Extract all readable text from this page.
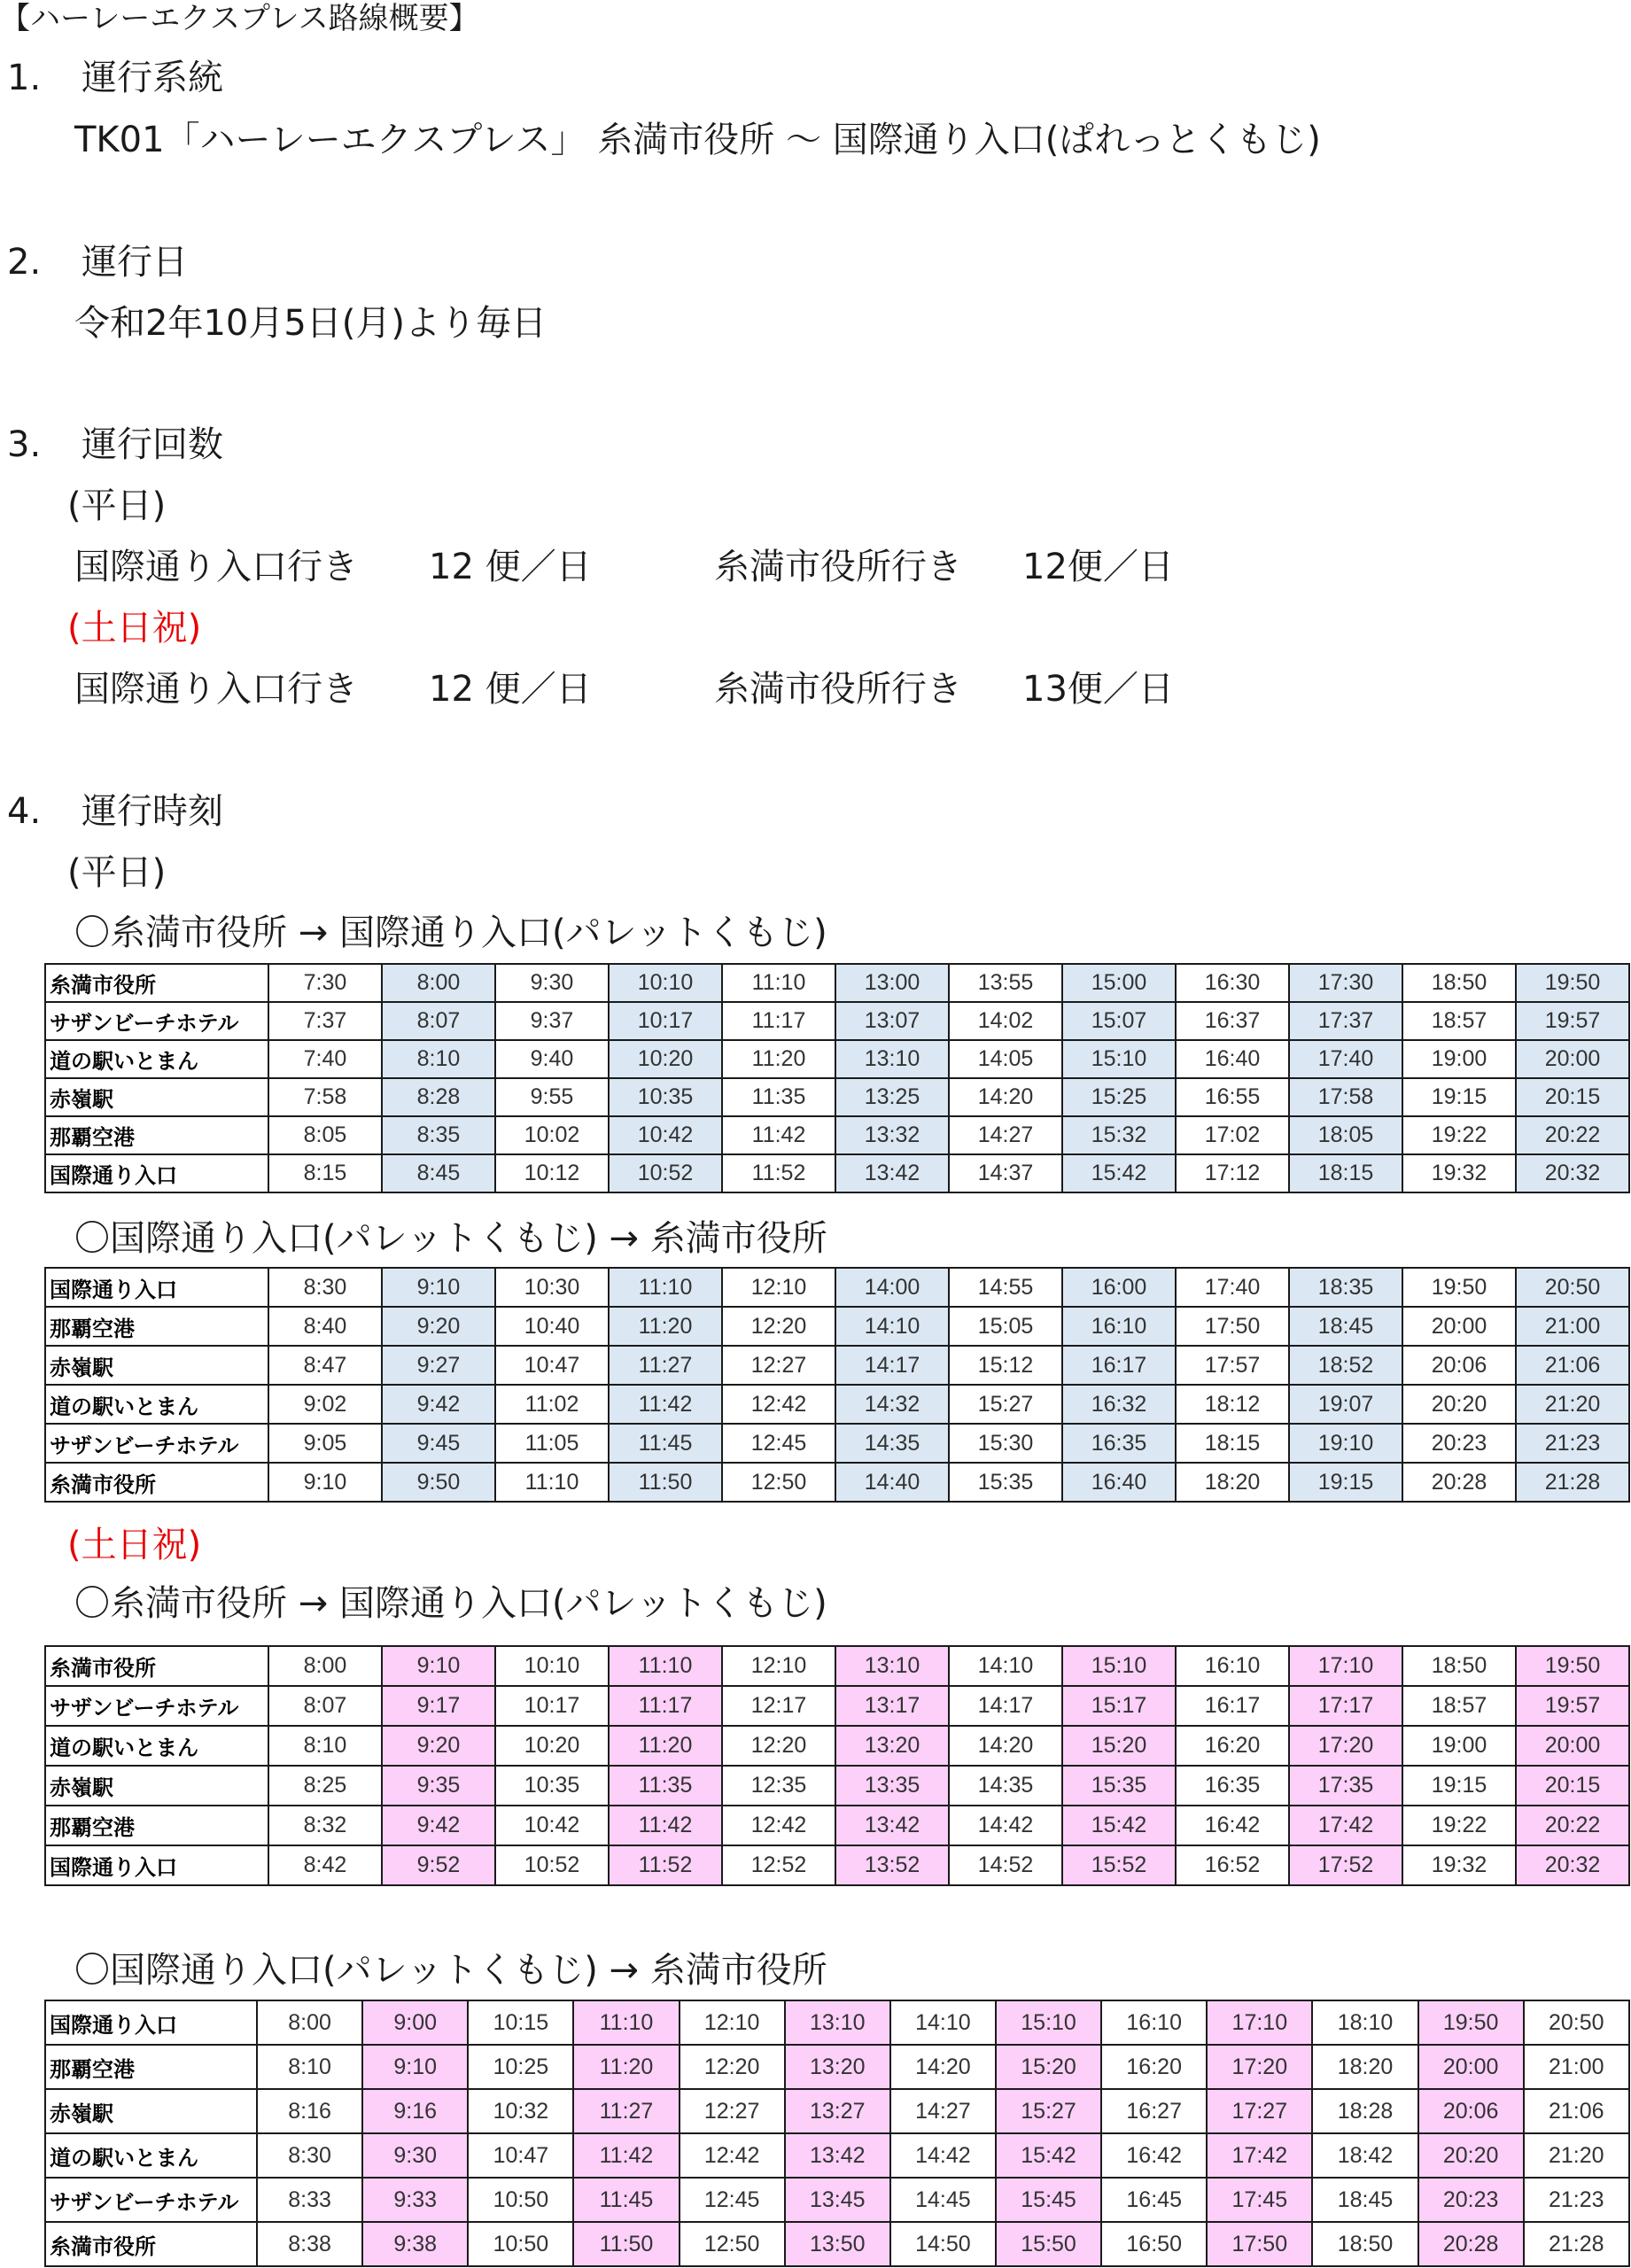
【ハーレーエクスプレス路線概要】

1. 運行系統

TK01「ハーレーエクスプレス」 糸満市役所 ～ 国際通り入口(ぱれっとくもじ)

2. 運行日

令和2年10月5日(月)より毎日

3. 運行回数

(平日)

国際通り入口行き 12 便／日	糸満市役所行き 12便／日

(土日祝)

国際通り入口行き 12 便／日	糸満市役所行き 13便／日

4. 運行時刻

(平日)

〇糸満市役所 → 国際通り入口(パレットくもじ)

糸満市役所	7:30	8:00	9:30	10:10	11:10	13:00	13:55	15:00	16:30	17:30	18:50	19:50
サザンビーチホテル	7:37	8:07	9:37	10:17	11:17	13:07	14:02	15:07	16:37	17:37	18:57	19:57
道の駅いとまん	7:40	8:10	9:40	10:20	11:20	13:10	14:05	15:10	16:40	17:40	19:00	20:00
赤嶺駅	7:58	8:28	9:55	10:35	11:35	13:25	14:20	15:25	16:55	17:58	19:15	20:15
那覇空港	8:05	8:35	10:02	10:42	11:42	13:32	14:27	15:32	17:02	18:05	19:22	20:22
国際通り入口	8:15	8:45	10:12	10:52	11:52	13:42	14:37	15:42	17:12	18:15	19:32	20:32

〇国際通り入口(パレットくもじ) → 糸満市役所

国際通り入口	8:30	9:10	10:30	11:10	12:10	14:00	14:55	16:00	17:40	18:35	19:50	20:50
那覇空港	8:40	9:20	10:40	11:20	12:20	14:10	15:05	16:10	17:50	18:45	20:00	21:00
赤嶺駅	8:47	9:27	10:47	11:27	12:27	14:17	15:12	16:17	17:57	18:52	20:06	21:06
道の駅いとまん	9:02	9:42	11:02	11:42	12:42	14:32	15:27	16:32	18:12	19:07	20:20	21:20
サザンビーチホテル	9:05	9:45	11:05	11:45	12:45	14:35	15:30	16:35	18:15	19:10	20:23	21:23
糸満市役所	9:10	9:50	11:10	11:50	12:50	14:40	15:35	16:40	18:20	19:15	20:28	21:28

(土日祝)

〇糸満市役所 → 国際通り入口(パレットくもじ)

糸満市役所	8:00	9:10	10:10	11:10	12:10	13:10	14:10	15:10	16:10	17:10	18:50	19:50
サザンビーチホテル	8:07	9:17	10:17	11:17	12:17	13:17	14:17	15:17	16:17	17:17	18:57	19:57
道の駅いとまん	8:10	9:20	10:20	11:20	12:20	13:20	14:20	15:20	16:20	17:20	19:00	20:00
赤嶺駅	8:25	9:35	10:35	11:35	12:35	13:35	14:35	15:35	16:35	17:35	19:15	20:15
那覇空港	8:32	9:42	10:42	11:42	12:42	13:42	14:42	15:42	16:42	17:42	19:22	20:22
国際通り入口	8:42	9:52	10:52	11:52	12:52	13:52	14:52	15:52	16:52	17:52	19:32	20:32

〇国際通り入口(パレットくもじ) → 糸満市役所

国際通り入口	8:00	9:00	10:15	11:10	12:10	13:10	14:10	15:10	16:10	17:10	18:10	19:50	20:50
那覇空港	8:10	9:10	10:25	11:20	12:20	13:20	14:20	15:20	16:20	17:20	18:20	20:00	21:00
赤嶺駅	8:16	9:16	10:32	11:27	12:27	13:27	14:27	15:27	16:27	17:27	18:28	20:06	21:06
道の駅いとまん	8:30	9:30	10:47	11:42	12:42	13:42	14:42	15:42	16:42	17:42	18:42	20:20	21:20
サザンビーチホテル	8:33	9:33	10:50	11:45	12:45	13:45	14:45	15:45	16:45	17:45	18:45	20:23	21:23
糸満市役所	8:38	9:38	10:50	11:50	12:50	13:50	14:50	15:50	16:50	17:50	18:50	20:28	21:28
